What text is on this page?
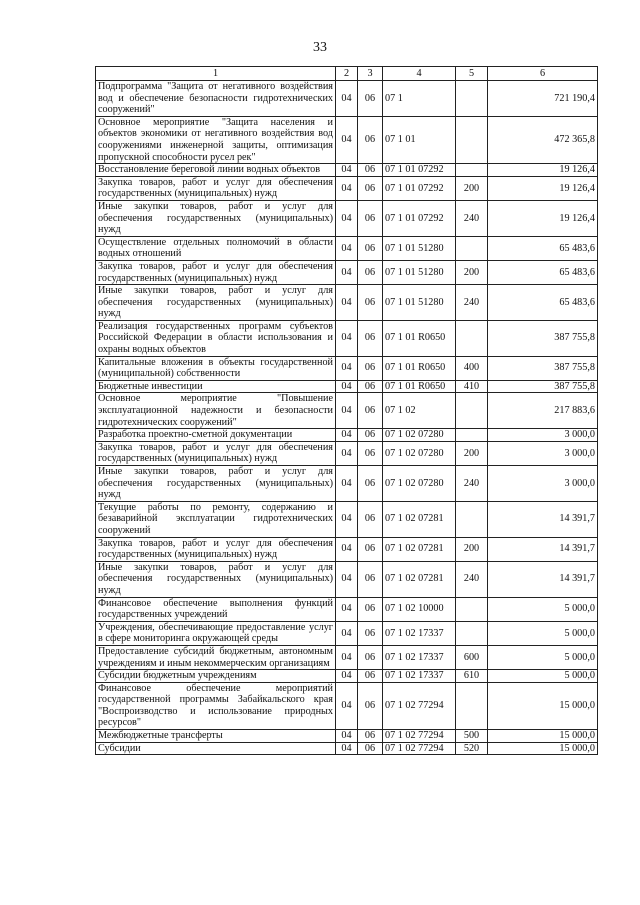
33
1	2	3	4	5	6
Подпрограмма "Защита от негативного воздействия вод и обеспечение безопасности гидротехнических сооружений"	04	06	07 1		721 190,4
Основное мероприятие "Защита населения и объектов экономики от негативного воздействия вод сооружениями инженерной защиты, оптимизация пропускной способности русел рек"	04	06	07 1 01		472 365,8
Восстановление береговой линии водных объектов	04	06	07 1 01 07292		19 126,4
Закупка товаров, работ и услуг для обеспечения государственных (муниципальных) нужд	04	06	07 1 01 07292	200	19 126,4
Иные закупки товаров, работ и услуг для обеспечения государственных (муниципальных) нужд	04	06	07 1 01 07292	240	19 126,4
Осуществление отдельных полномочий в области водных отношений	04	06	07 1 01 51280		65 483,6
Закупка товаров, работ и услуг для обеспечения государственных (муниципальных) нужд	04	06	07 1 01 51280	200	65 483,6
Иные закупки товаров, работ и услуг для обеспечения государственных (муниципальных) нужд	04	06	07 1 01 51280	240	65 483,6
Реализация государственных программ субъектов Российской Федерации в области использования и охраны водных объектов	04	06	07 1 01 R0650		387 755,8
Капитальные вложения в объекты государственной (муниципальной) собственности	04	06	07 1 01 R0650	400	387 755,8
Бюджетные инвестиции	04	06	07 1 01 R0650	410	387 755,8
Основное мероприятие "Повышение эксплуатационной надежности и безопасности гидротехнических сооружений"	04	06	07 1 02		217 883,6
Разработка проектно-сметной документации	04	06	07 1 02 07280		3 000,0
Закупка товаров, работ и услуг для обеспечения государственных (муниципальных) нужд	04	06	07 1 02 07280	200	3 000,0
Иные закупки товаров, работ и услуг для обеспечения государственных (муниципальных) нужд	04	06	07 1 02 07280	240	3 000,0
Текущие работы по ремонту, содержанию и безаварийной эксплуатации гидротехнических сооружений	04	06	07 1 02 07281		14 391,7
Закупка товаров, работ и услуг для обеспечения государственных (муниципальных) нужд	04	06	07 1 02 07281	200	14 391,7
Иные закупки товаров, работ и услуг для обеспечения государственных (муниципальных) нужд	04	06	07 1 02 07281	240	14 391,7
Финансовое обеспечение выполнения функций государственных учреждений	04	06	07 1 02 10000		5 000,0
Учреждения, обеспечивающие предоставление услуг в сфере мониторинга окружающей среды	04	06	07 1 02 17337		5 000,0
Предоставление субсидий бюджетным, автономным учреждениям и иным некоммерческим организациям	04	06	07 1 02 17337	600	5 000,0
Субсидии бюджетным учреждениям	04	06	07 1 02 17337	610	5 000,0
Финансовое обеспечение мероприятий государственной программы Забайкальского края "Воспроизводство и использование природных ресурсов"	04	06	07 1 02 77294		15 000,0
Межбюджетные трансферты	04	06	07 1 02 77294	500	15 000,0
Субсидии	04	06	07 1 02 77294	520	15 000,0
